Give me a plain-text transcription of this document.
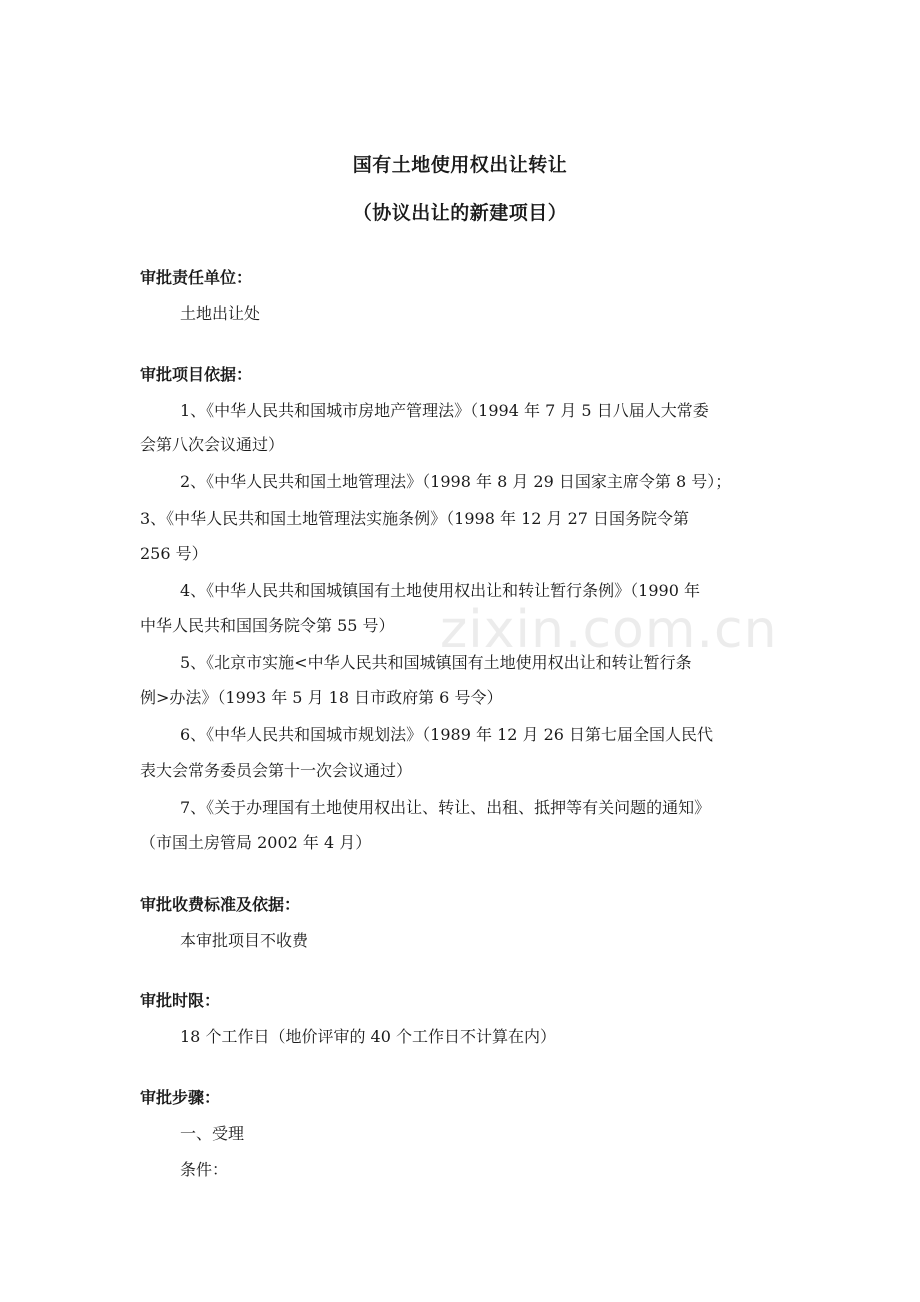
国有土地使用权出让转让
（协议出让的新建项目）
审批责任单位：
土地出让处
审批项目依据：
1、《中华人民共和国城市房地产管理法》（1994 年 7 月 5 日八届人大常委
会第八次会议通过）
2、《中华人民共和国土地管理法》（1998 年 8 月 29 日国家主席令第 8 号）；
3、《中华人民共和国土地管理法实施条例》（1998 年 12 月 27 日国务院令第
256 号）
4、《中华人民共和国城镇国有土地使用权出让和转让暂行条例》（1990 年
中华人民共和国国务院令第 55 号）
5、《北京市实施<中华人民共和国城镇国有土地使用权出让和转让暂行条
例>办法》（1993 年 5 月 18 日市政府第 6 号令）
6、《中华人民共和国城市规划法》（1989 年 12 月 26 日第七届全国人民代
表大会常务委员会第十一次会议通过）
7、《关于办理国有土地使用权出让、转让、出租、抵押等有关问题的通知》
（市国土房管局 2002 年 4 月）
审批收费标准及依据：
本审批项目不收费
审批时限：
18 个工作日（地价评审的 40 个工作日不计算在内）
审批步骤：
一、受理
条件：
zixin.com.cn
